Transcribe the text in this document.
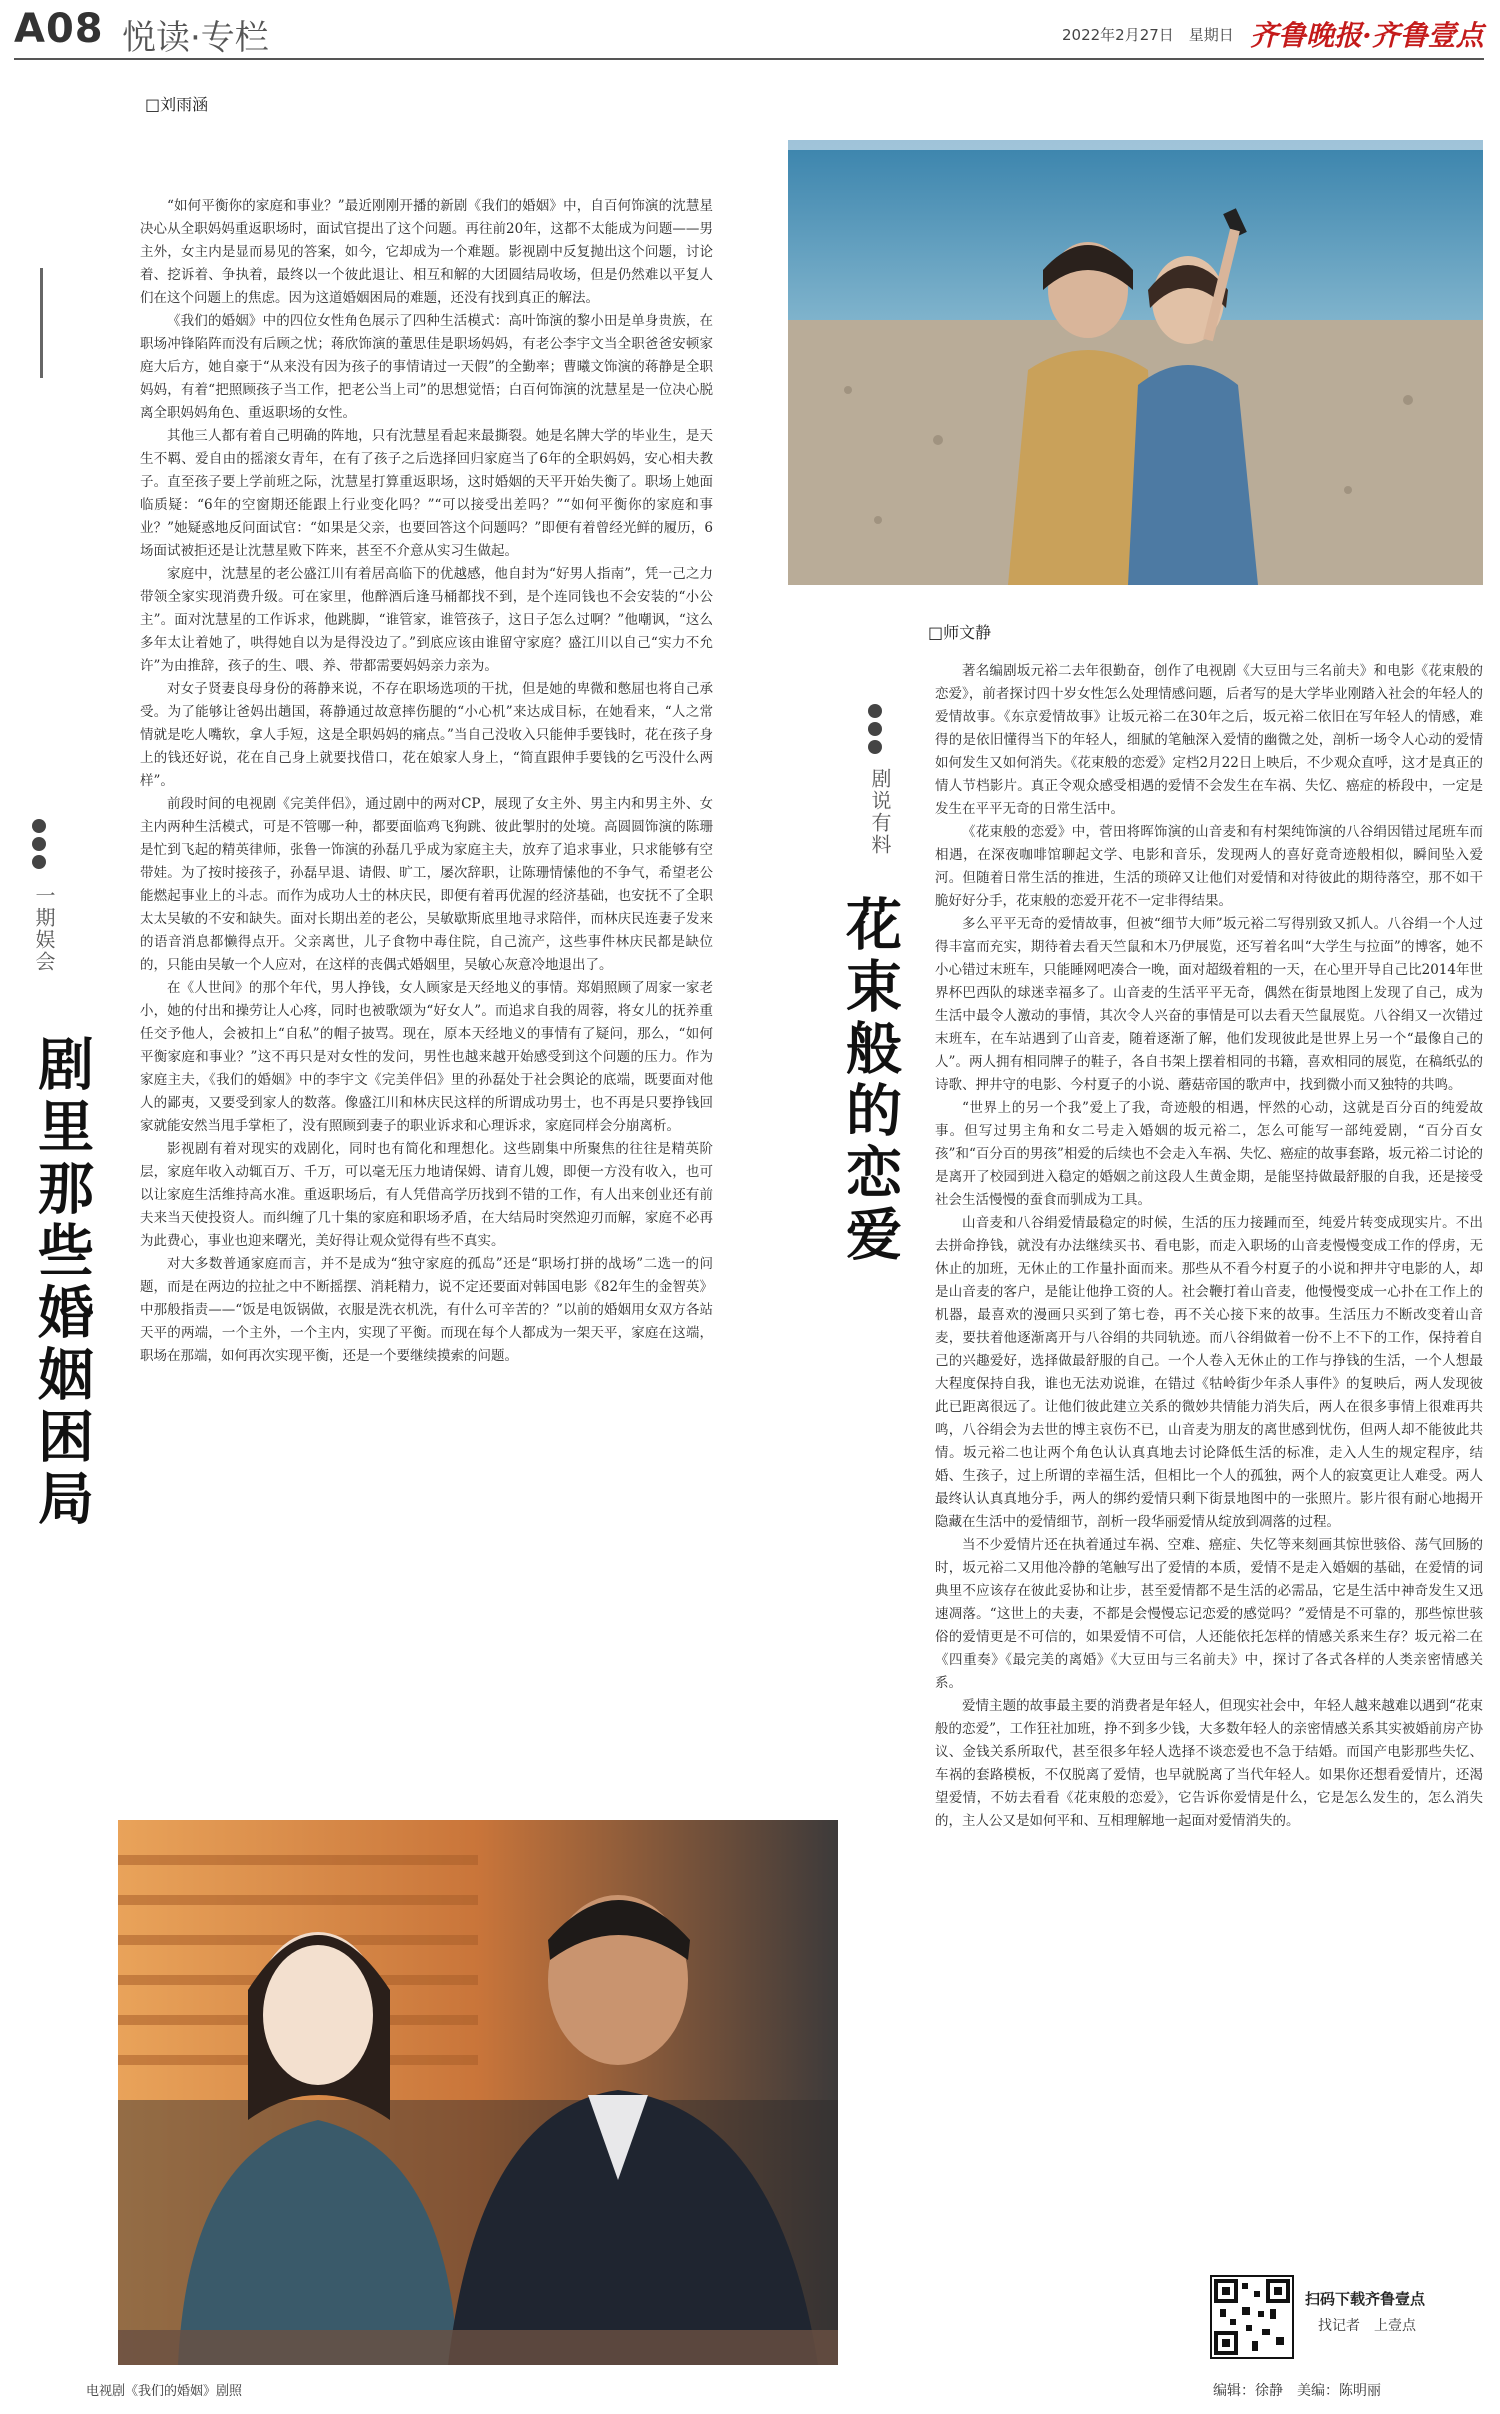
A08 悦读·专栏	2022年2月27日　星期日 齐鲁晚报·齐鲁壹点
□刘雨涵
一期娱会
剧里那些婚姻困局

“如何平衡你的家庭和事业？”最近刚刚开播的新剧《我们的婚姻》中，自百何饰演的沈慧星决心从全职妈妈重返职场时，面试官提出了这个问题。再往前20年，这都不太能成为问题——男主外，女主内是显而易见的答案，如今，它却成为一个难题。影视剧中反复抛出这个问题，讨论着、挖诉着、争执着，最终以一个彼此退让、相互和解的大团圆结局收场，但是仍然难以平复人们在这个问题上的焦虑。因为这道婚姻困局的难题，还没有找到真正的解法。

《我们的婚姻》中的四位女性角色展示了四种生活模式：高叶饰演的黎小田是单身贵族，在职场冲锋陷阵而没有后顾之忧；蒋欣饰演的董思佳是职场妈妈，有老公李宇文当全职爸爸安顿家庭大后方，她自豪于“从来没有因为孩子的事情请过一天假”的全勤率；曹曦文饰演的蒋静是全职妈妈，有着“把照顾孩子当工作，把老公当上司”的思想觉悟；白百何饰演的沈慧星是一位决心脱离全职妈妈角色、重返职场的女性。

其他三人都有着自己明确的阵地，只有沈慧星看起来最撕裂。她是名牌大学的毕业生，是天生不羁、爱自由的摇滚女青年，在有了孩子之后选择回归家庭当了6年的全职妈妈，安心相夫教子。直至孩子要上学前班之际，沈慧星打算重返职场，这时婚姻的天平开始失衡了。职场上她面临质疑：“6年的空窗期还能跟上行业变化吗？”“可以接受出差吗？”“如何平衡你的家庭和事业？”她疑惑地反问面试官：“如果是父亲，也要回答这个问题吗？”即便有着曾经光鲜的履历，6场面试被拒还是让沈慧星败下阵来，甚至不介意从实习生做起。

家庭中，沈慧星的老公盛江川有着居高临下的优越感，他自封为“好男人指南”，凭一己之力带领全家实现消费升级。可在家里，他醉酒后逢马桶都找不到，是个连同钱也不会安装的“小公主”。面对沈慧星的工作诉求，他跳脚，“谁管家，谁管孩子，这日子怎么过啊？”他嘲讽，“这么多年太让着她了，哄得她自以为是得没边了。”到底应该由谁留守家庭？盛江川以自己“实力不允许”为由推辞，孩子的生、喂、养、带都需要妈妈亲力亲为。

对女子贤妻良母身份的蒋静来说，不存在职场选项的干扰，但是她的卑微和憋屈也将自己承受。为了能够让爸妈出趟国，蒋静通过故意摔伤腿的“小心机”来达成目标，在她看来，“人之常情就是吃人嘴软，拿人手短，这是全职妈妈的痛点。”当自己没收入只能伸手要钱时，花在孩子身上的钱还好说，花在自己身上就要找借口，花在娘家人身上，“简直跟伸手要钱的乞丐没什么两样”。

前段时间的电视剧《完美伴侣》，通过剧中的两对CP，展现了女主外、男主内和男主外、女主内两种生活模式，可是不管哪一种，都要面临鸡飞狗跳、彼此掣肘的处境。高圆圆饰演的陈珊是忙到飞起的精英律师，张鲁一饰演的孙磊几乎成为家庭主夫，放弃了追求事业，只求能够有空带娃。为了按时接孩子，孙磊早退、请假、旷工，屡次辞职，让陈珊情愫他的不争气，希望老公能燃起事业上的斗志。而作为成功人士的林庆民，即便有着再优渥的经济基础，也安抚不了全职太太吴敏的不安和缺失。面对长期出差的老公，吴敏歇斯底里地寻求陪伴，而林庆民连妻子发来的语音消息都懒得点开。父亲离世，儿子食物中毒住院，自己流产，这些事件林庆民都是缺位的，只能由吴敏一个人应对，在这样的丧偶式婚姻里，吴敏心灰意冷地退出了。

在《人世间》的那个年代，男人挣钱，女人顾家是天经地义的事情。郑娟照顾了周家一家老小，她的付出和操劳让人心疼，同时也被歌颂为“好女人”。而追求自我的周蓉，将女儿的抚养重任交予他人，会被扣上“自私”的帽子披骂。现在，原本天经地义的事情有了疑问，那么，“如何平衡家庭和事业？”这不再只是对女性的发问，男性也越来越开始感受到这个问题的压力。作为家庭主夫，《我们的婚姻》中的李宇文《完美伴侣》里的孙磊处于社会舆论的底端，既要面对他人的鄙夷，又要受到家人的数落。像盛江川和林庆民这样的所谓成功男士，也不再是只要挣钱回家就能安然当甩手掌柜了，没有照顾到妻子的职业诉求和心理诉求，家庭同样会分崩离析。

影视剧有着对现实的戏剧化，同时也有简化和理想化。这些剧集中所聚焦的往往是精英阶层，家庭年收入动辄百万、千万，可以毫无压力地请保姆、请育儿嫂，即便一方没有收入，也可以让家庭生活维持高水准。重返职场后，有人凭借高学历找到不错的工作，有人出来创业还有前夫来当天使投资人。而纠缠了几十集的家庭和职场矛盾，在大结局时突然迎刃而解，家庭不必再为此费心，事业也迎来曙光，美好得让观众觉得有些不真实。

对大多数普通家庭而言，并不是成为“独守家庭的孤岛”还是“职场打拼的战场”二选一的问题，而是在两边的拉扯之中不断摇摆、消耗精力，说不定还要面对韩国电影《82年生的金智英》中那般指责——“饭是电饭锅做，衣服是洗衣机洗，有什么可辛苦的？”以前的婚姻用女双方各站天平的两端，一个主外，一个主内，实现了平衡。而现在每个人都成为一架天平，家庭在这端，职场在那端，如何再次实现平衡，还是一个要继续摸索的问题。

电视剧《我们的婚姻》剧照
□师文静
剧说有料
花束般的恋爱

著名编剧坂元裕二去年很勤奋，创作了电视剧《大豆田与三名前夫》和电影《花束般的恋爱》，前者探讨四十岁女性怎么处理情感问题，后者写的是大学毕业刚踏入社会的年轻人的爱情故事。《东京爱情故事》让坂元裕二在30年之后，坂元裕二依旧在写年轻人的情感，难得的是依旧懂得当下的年轻人，细腻的笔触深入爱情的幽微之处，剖析一场令人心动的爱情如何发生又如何消失。《花束般的恋爱》定档2月22日上映后，不少观众直呼，这才是真正的情人节档影片。真正令观众感受相遇的爱情不会发生在车祸、失忆、癌症的桥段中，一定是发生在平平无奇的日常生活中。

《花束般的恋爱》中，菅田将晖饰演的山音麦和有村架纯饰演的八谷绢因错过尾班车而相遇，在深夜咖啡馆聊起文学、电影和音乐，发现两人的喜好竟奇迹般相似，瞬间坠入爱河。但随着日常生活的推进，生活的琐碎又让他们对爱情和对待彼此的期待落空，那不如干脆好好分手，花束般的恋爱开花不一定非得结果。

多么平平无奇的爱情故事，但被“细节大师”坂元裕二写得别致又抓人。八谷绢一个人过得丰富而充实，期待着去看天竺鼠和木乃伊展览，还写着名叫“大学生与拉面”的博客，她不小心错过末班车，只能睡网吧凑合一晚，面对超级着粗的一天，在心里开导自己比2014年世界杯巴西队的球迷幸福多了。山音麦的生活平平无奇，偶然在街景地图上发现了自己，成为生活中最令人激动的事情，其次令人兴奋的事情是可以去看天竺鼠展览。八谷绢又一次错过末班车，在车站遇到了山音麦，随着逐渐了解，他们发现彼此是世界上另一个“最像自己的人”。两人拥有相同牌子的鞋子，各自书架上摆着相同的书籍，喜欢相同的展览，在稿纸弘的诗歌、押井守的电影、今村夏子的小说、蘑菇帝国的歌声中，找到微小而又独特的共鸣。

“世界上的另一个我”爱上了我，奇迹般的相遇，怦然的心动，这就是百分百的纯爱故事。但写过男主角和女二号走入婚姻的坂元裕二，怎么可能写一部纯爱剧，“百分百女孩”和“百分百的男孩”相爱的后续也不会走入车祸、失忆、癌症的故事套路，坂元裕二讨论的是离开了校园到进入稳定的婚姻之前这段人生黄金期，是能坚持做最舒服的自我，还是接受社会生活慢慢的蚕食而驯成为工具。

山音麦和八谷绢爱情最稳定的时候，生活的压力接踵而至，纯爱片转变成现实片。不出去拼命挣钱，就没有办法继续买书、看电影，而走入职场的山音麦慢慢变成工作的俘虏，无休止的加班，无休止的工作量扑面而来。那些从不看今村夏子的小说和押井守电影的人，却是山音麦的客户，是能让他挣工资的人。社会鞭打着山音麦，他慢慢变成一心扑在工作上的机器，最喜欢的漫画只买到了第七卷，再不关心接下来的故事。生活压力不断改变着山音麦，要扶着他逐渐离开与八谷绢的共同轨迹。而八谷绢做着一份不上不下的工作，保持着自己的兴趣爱好，选择做最舒服的自己。一个人卷入无休止的工作与挣钱的生活，一个人想最大程度保持自我，谁也无法劝说谁，在错过《牯岭街少年杀人事件》的复映后，两人发现彼此已距离很远了。让他们彼此建立关系的微妙共情能力消失后，两人在很多事情上很难再共鸣，八谷绢会为去世的博主哀伤不已，山音麦为朋友的离世感到忧伤，但两人却不能彼此共情。坂元裕二也让两个角色认认真真地去讨论降低生活的标准，走入人生的规定程序，结婚、生孩子，过上所谓的幸福生活，但相比一个人的孤独，两个人的寂寞更让人难受。两人最终认认真真地分手，两人的绑约爱情只剩下街景地图中的一张照片。影片很有耐心地揭开隐藏在生活中的爱情细节，剖析一段华丽爱情从绽放到凋落的过程。

当不少爱情片还在执着通过车祸、空难、癌症、失忆等来刻画其惊世骇俗、荡气回肠的时，坂元裕二又用他冷静的笔触写出了爱情的本质，爱情不是走入婚姻的基础，在爱情的词典里不应该存在彼此妥协和让步，甚至爱情都不是生活的必需品，它是生活中神奇发生又迅速凋落。“这世上的夫妻，不都是会慢慢忘记恋爱的感觉吗？”爱情是不可靠的，那些惊世骇俗的爱情更是不可信的，如果爱情不可信，人还能依托怎样的情感关系来生存？坂元裕二在《四重奏》《最完美的离婚》《大豆田与三名前夫》中，探讨了各式各样的人类亲密情感关系。

爱情主题的故事最主要的消费者是年轻人，但现实社会中，年轻人越来越难以遇到“花束般的恋爱”，工作狂社加班，挣不到多少钱，大多数年轻人的亲密情感关系其实被婚前房产协议、金钱关系所取代，甚至很多年轻人选择不谈恋爱也不急于结婚。而国产电影那些失忆、车祸的套路模板，不仅脱离了爱情，也早就脱离了当代年轻人。如果你还想看爱情片，还渴望爱情，不妨去看看《花束般的恋爱》，它告诉你爱情是什么，它是怎么发生的，怎么消失的，主人公又是如何平和、互相理解地一起面对爱情消失的。

扫码下载齐鲁壹点
找记者　上壹点
编辑：徐静　美编：陈明丽
